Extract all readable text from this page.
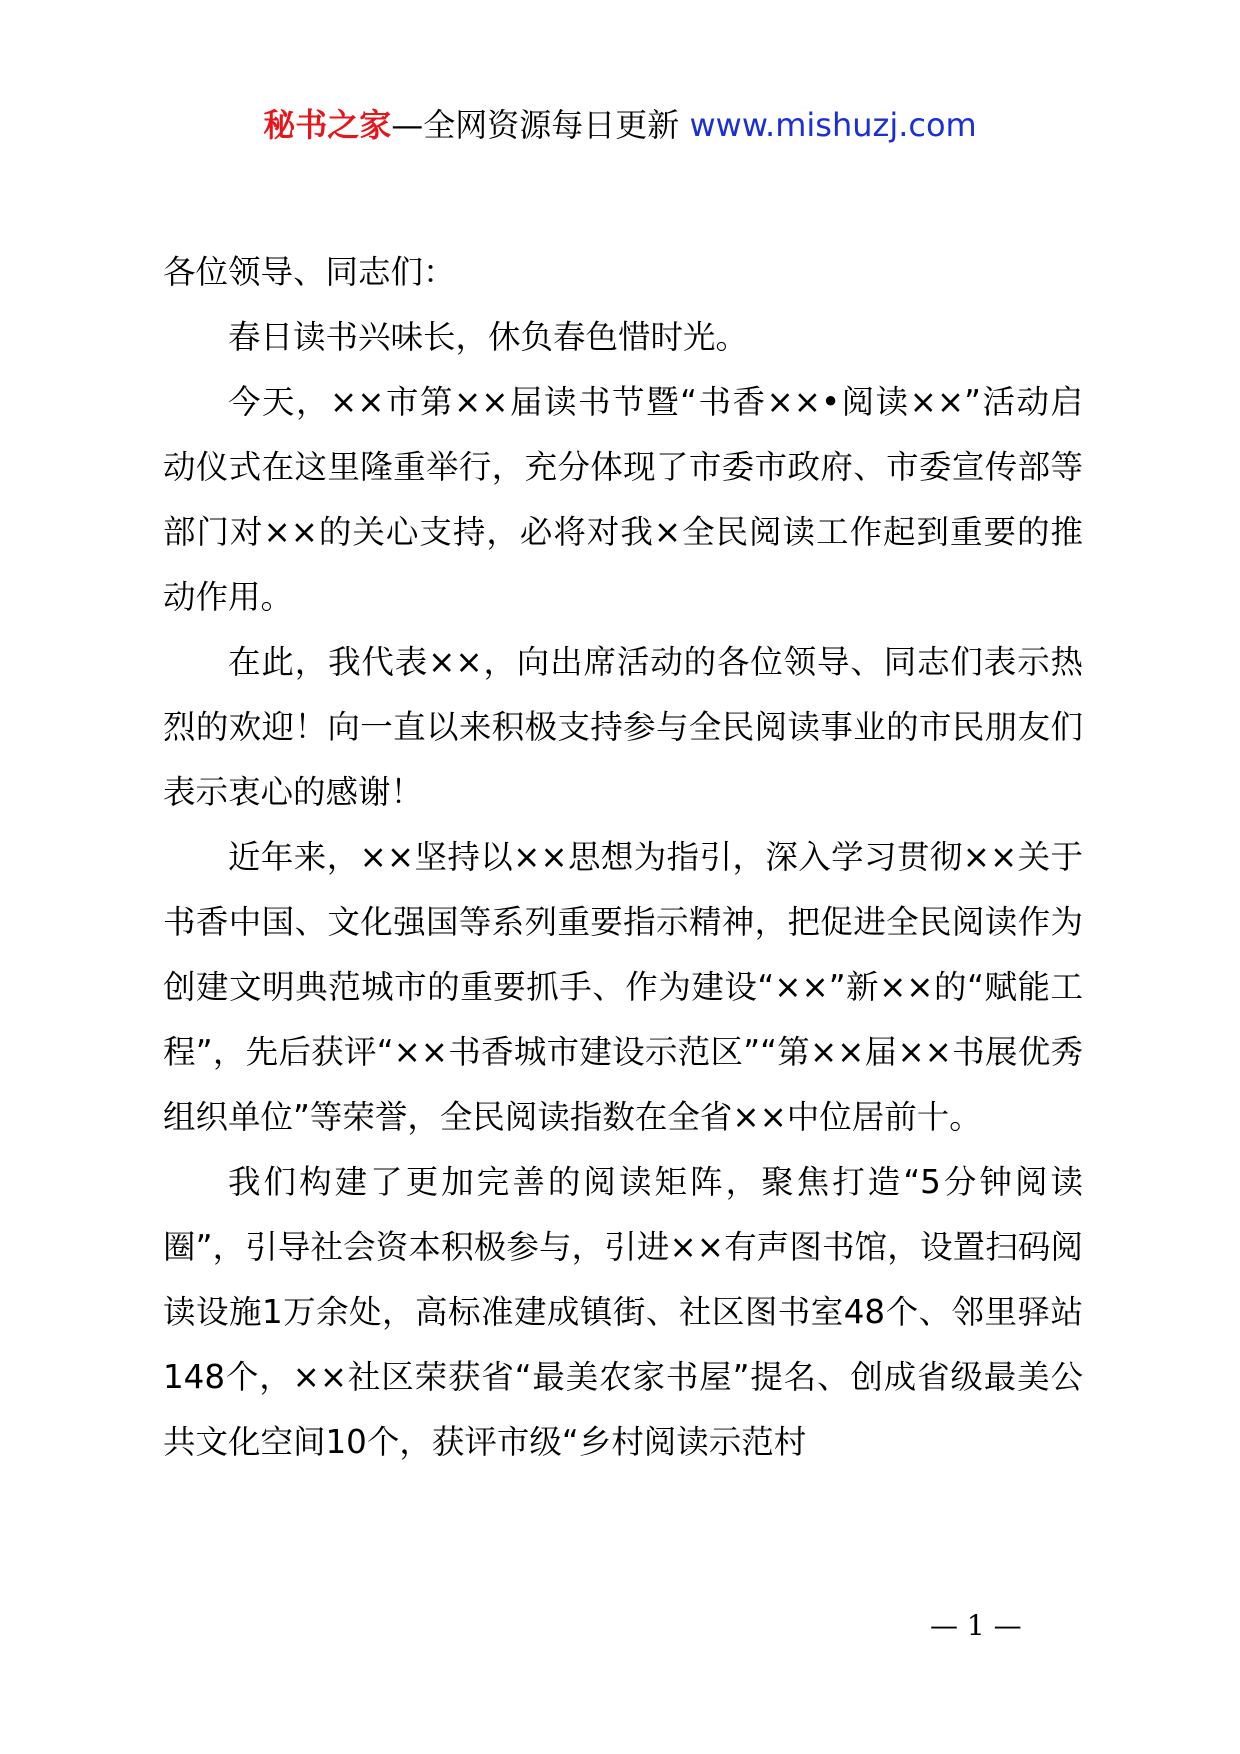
秘书之家—全网资源每日更新 www.mishuzj.com

各位领导、同志们：

春日读书兴味长，休负春色惜时光。

今天，××市第××届读书节暨“书香××•阅读××”活动启动仪式在这里隆重举行，充分体现了市委市政府、市委宣传部等部门对××的关心支持，必将对我×全民阅读工作起到重要的推动作用。

在此，我代表××，向出席活动的各位领导、同志们表示热烈的欢迎！向一直以来积极支持参与全民阅读事业的市民朋友们表示衷心的感谢！

近年来，××坚持以××思想为指引，深入学习贯彻××关于书香中国、文化强国等系列重要指示精神，把促进全民阅读作为创建文明典范城市的重要抓手、作为建设“××”新××的“赋能工程”，先后获评“××书香城市建设示范区”“第××届××书展优秀组织单位”等荣誉，全民阅读指数在全省××中位居前十。

我们构建了更加完善的阅读矩阵，聚焦打造“5分钟阅读圈”，引导社会资本积极参与，引进××有声图书馆，设置扫码阅读设施1万余处，高标准建成镇街、社区图书室48个、邻里驿站148个，××社区荣获省“最美农家书屋”提名、创成省级最美公共文化空间10个，获评市级“乡村阅读示范村

— 1 —
